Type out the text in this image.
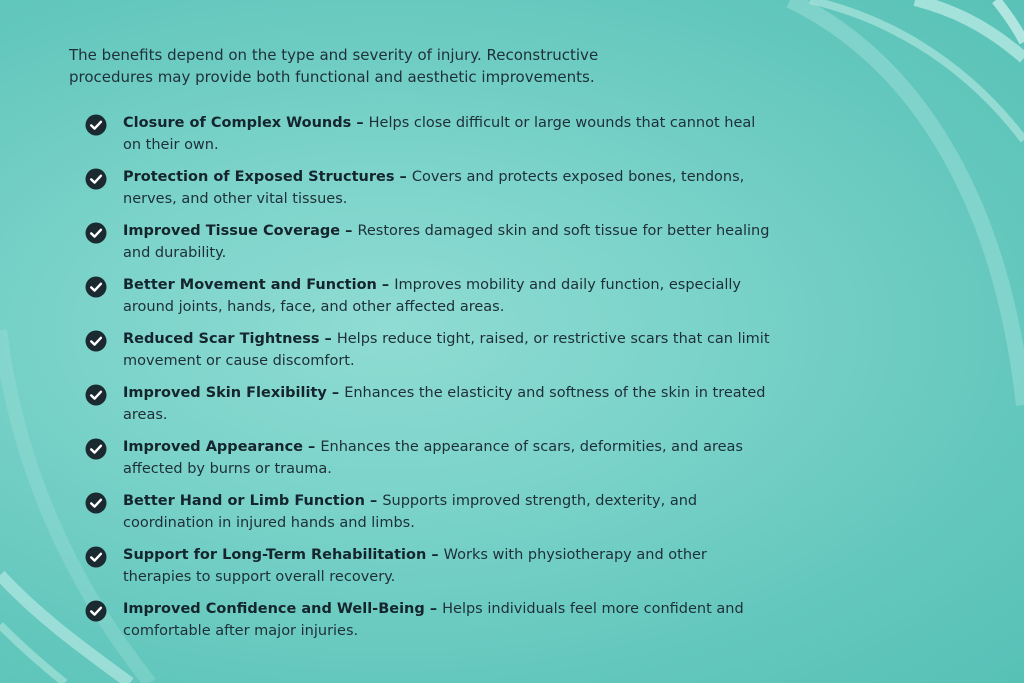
The benefits depend on the type and severity of injury. Reconstructive procedures may provide both functional and aesthetic improvements.

Closure of Complex Wounds – Helps close difficult or large wounds that cannot heal on their own.
Protection of Exposed Structures – Covers and protects exposed bones, tendons, nerves, and other vital tissues.
Improved Tissue Coverage – Restores damaged skin and soft tissue for better healing and durability.
Better Movement and Function – Improves mobility and daily function, especially around joints, hands, face, and other affected areas.
Reduced Scar Tightness – Helps reduce tight, raised, or restrictive scars that can limit movement or cause discomfort.
Improved Skin Flexibility – Enhances the elasticity and softness of the skin in treated areas.
Improved Appearance – Enhances the appearance of scars, deformities, and areas affected by burns or trauma.
Better Hand or Limb Function – Supports improved strength, dexterity, and coordination in injured hands and limbs.
Support for Long-Term Rehabilitation – Works with physiotherapy and other therapies to support overall recovery.
Improved Confidence and Well-Being – Helps individuals feel more confident and comfortable after major injuries.
